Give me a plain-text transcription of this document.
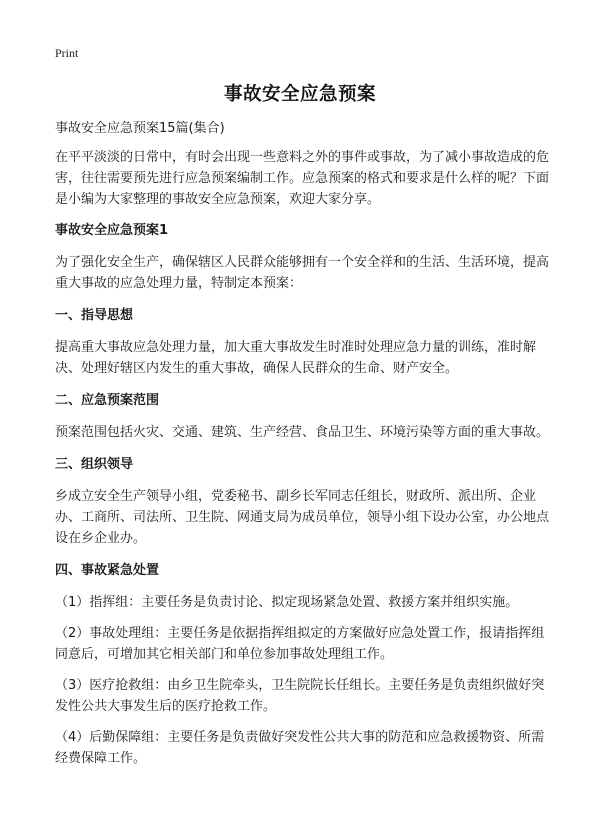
Print
事故安全应急预案

事故安全应急预案15篇(集合)

在平平淡淡的日常中，有时会出现一些意料之外的事件或事故，为了减小事故造成的危害，往往需要预先进行应急预案编制工作。应急预案的格式和要求是什么样的呢？下面是小编为大家整理的事故安全应急预案，欢迎大家分享。

事故安全应急预案1

为了强化安全生产，确保辖区人民群众能够拥有一个安全祥和的生活、生活环境，提高重大事故的应急处理力量，特制定本预案：

一、指导思想

提高重大事故应急处理力量，加大重大事故发生时准时处理应急力量的训练，准时解决、处理好辖区内发生的重大事故，确保人民群众的生命、财产安全。

二、应急预案范围

预案范围包括火灾、交通、建筑、生产经营、食品卫生、环境污染等方面的重大事故。

三、组织领导

乡成立安全生产领导小组，党委秘书、副乡长军同志任组长，财政所、派出所、企业办、工商所、司法所、卫生院、网通支局为成员单位，领导小组下设办公室，办公地点设在乡企业办。

四、事故紧急处置

（1）指挥组：主要任务是负责讨论、拟定现场紧急处置、救援方案并组织实施。

（2）事故处理组：主要任务是依据指挥组拟定的方案做好应急处置工作，报请指挥组同意后，可增加其它相关部门和单位参加事故处理组工作。

（3）医疗抢救组：由乡卫生院牵头，卫生院院长任组长。主要任务是负责组织做好突发性公共大事发生后的医疗抢救工作。

（4）后勤保障组：主要任务是负责做好突发性公共大事的防范和应急救援物资、所需经费保障工作。
